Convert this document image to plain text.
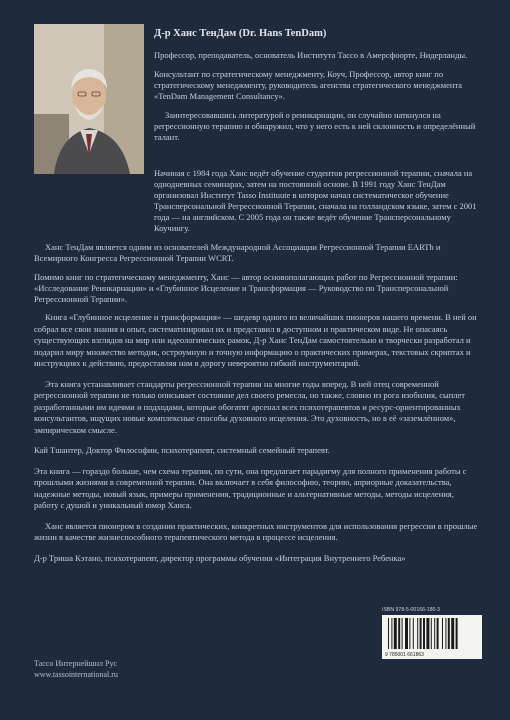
Д-р Ханс ТенДам (Dr. Hans TenDam)

Профессор, преподаватель, основатель Института Тассо в Амерсфоорте, Нидерланды.

Консультант по стратегическому менеджменту, Коуч, Профессор, автор книг по стратегическому менеджменту, руководитель агенства стратегического менеджмента «TenDam Management Consultancy».

Заинтересовавшись литературой о реинкарнации, он случайно наткнулся на регрессионную терапию и обнаружил, что у него есть к ней склонность и определённый талант.

Начиная с 1984 года Ханс ведёт обучение студентов регрессионной терапии, сначала на однодневных семинарах, затем на постоянной основе. В 1991 году Ханс ТенДам организовал Институт Tasso Instituute в котором начал систематическое обучение Трансперсональной Регрессионной Терапии, сначала на голландском языке, затем с 2001 года — на английском. С 2005 года он также ведёт обучение Трансперсональному Коучингу.

Ханс ТенДам является одним из основателей Международной Ассоциации Регрессионной Терапии EARTh и Всемирного Конгресса Регрессионной Терапии WCRT.

Помимо книг по стратегическому менеджменту, Ханс — автор основополагающих работ по Регрессионной терапии: «Исследование Реинкарнации» и «Глубинное Исцеление и Трансформация — Руководство по Трансперсональной Регрессионной Терапии».

Книга «Глубинное исцеление и трансформация» — шедевр одного из величайших пионеров нашего времени. В ней он собрал все свои знания и опыт, систематизировал их и представил в доступном и практическом виде. Не опасаясь существующих взглядов на мир или идеологических рамок, Д-р Ханс ТенДам самостоятельно и творчески разработал и подарил миру множество методик, остроумную и точную информацию о практических примерах, текстовых скриптах и инструкциях к действию, предоставляя нам в дорогу невероятно гибкий инструментарий.

Эта книга устанавливает стандарты регрессионной терапии на многие годы вперед. В ней отец современной регрессионной терапии не только описывает состояние дел своего ремесла, но также, словно из рога изобилия, сыплет разработанными им идеями и подходами, которые обогатят арсенал всех психотерапевтов и ресурс-ориентированных консультантов, ищущих новые комплексные способы духовного исцеления. Это духовность, но в её «заземлённом», эмпирическом смысле.

Кай Тшантер, Доктор Философии, психотерапевт, системный семейный терапевт.

Эта книга — гораздо больше, чем схема терапии, по сути, она предлагает парадигму для полного применения работы с прошлыми жизнями в современной терапии. Она включает в себя философию, теорию, априорные доказательства, надежные методы, новый язык, примеры применения, традиционные и альтернативные методы, методы исцеления, работу с душой и уникальный юмор Ханса.

Ханс является пионером в создании практических, конкретных инструментов для использования регрессии в прошлые жизни в качестве жизнеспособного терапевтического метода в процессе исцеления.

Д-р Триша Кэтано, психотерапевт, директор программы обучения «Интеграция Внутреннего Ребенка»

ISBN 978-5-00166-186-3

9 785001 661863
Тассо Интернейшнл Рус
www.tassointernational.ru
